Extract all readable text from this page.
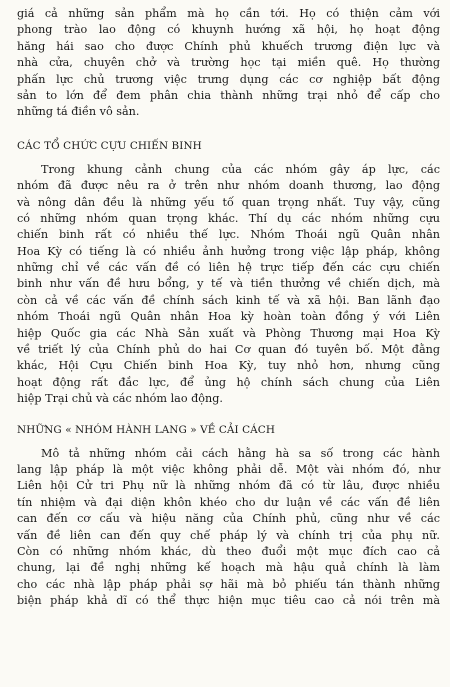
giá cả những sản phẩm mà họ cần tới. Họ có thiện cảm với
phong trào lao động có khuynh hướng xã hội, họ hoạt động
hăng hái sao cho được Chính phủ khuếch trương điện lực và
nhà cửa, chuyên chở và trường học tại miền quê. Họ thường
phấn lực chủ trương việc trưng dụng các cơ nghiệp bất động
sản to lớn để đem phân chia thành những trại nhỏ để cấp cho
những tá điền vô sản.
CÁC TỔ CHỨC CỰU CHIẾN BINH
Trong khung cảnh chung của các nhóm gây áp lực, các
nhóm đã được nêu ra ở trên như nhóm doanh thương, lao động
và nông dân đều là những yếu tố quan trọng nhất. Tuy vậy, cũng
có những nhóm quan trọng khác. Thí dụ các nhóm những cựu
chiến binh rất có nhiều thế lực. Nhóm Thoái ngũ Quân nhân
Hoa Kỳ có tiếng là có nhiều ảnh hưởng trong việc lập pháp, không
những chỉ về các vấn đề có liên hệ trực tiếp đến các cựu chiến
binh như vấn đề hưu bổng, y tế và tiền thưởng về chiến dịch, mà
còn cả về các vấn đề chính sách kinh tế và xã hội. Ban lãnh đạo
nhóm Thoái ngũ Quân nhân Hoa kỳ hoàn toàn đồng ý với Liên
hiệp Quốc gia các Nhà Sản xuất và Phòng Thương mại Hoa Kỳ
về triết lý của Chính phủ do hai Cơ quan đó tuyên bố. Một đằng
khác, Hội Cựu Chiến binh Hoa Kỳ, tuy nhỏ hơn, nhưng cũng
hoạt động rất đắc lực, để ủng hộ chính sách chung của Liên
hiệp Trại chủ và các nhóm lao động.
NHỮNG « NHÓM HÀNH LANG » VỀ CẢI CÁCH
Mô tả những nhóm cải cách hằng hà sa số trong các hành
lang lập pháp là một việc không phải dễ. Một vài nhóm đó, như
Liên hội Cử tri Phụ nữ là những nhóm đã có từ lâu, được nhiều
tín nhiệm và đại diện khôn khéo cho dư luận về các vấn đề liên
can đến cơ cấu và hiệu năng của Chính phủ, cũng như về các
vấn đề liên can đến quy chế pháp lý và chính trị của phụ nữ.
Còn có những nhóm khác, dù theo đuổi một mục đích cao cả
chung, lại đề nghị những kế hoạch mà hậu quả chính là làm
cho các nhà lập pháp phải sợ hãi mà bỏ phiếu tán thành những
biện pháp khả dĩ có thể thực hiện mục tiêu cao cả nói trên mà
